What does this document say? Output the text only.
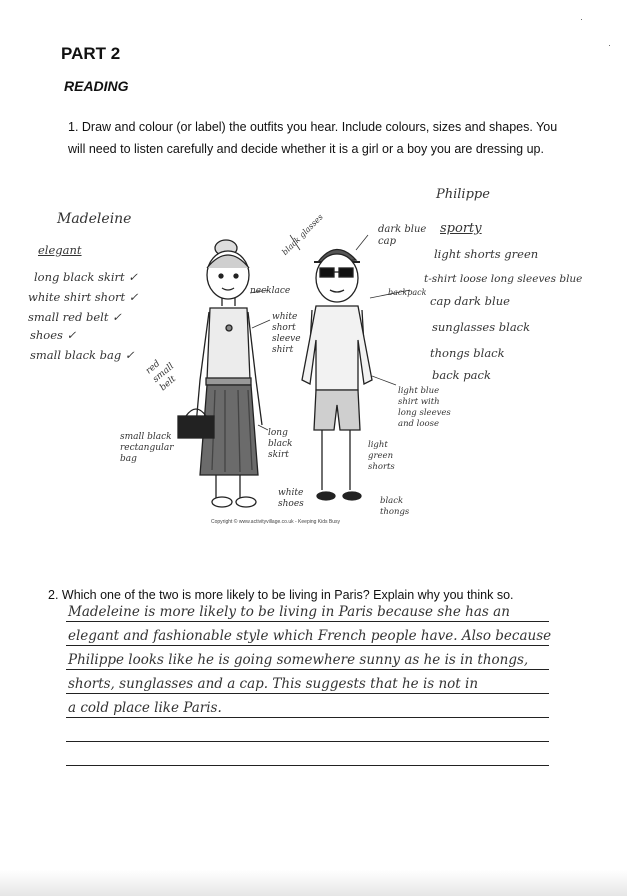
PART 2
READING
1. Draw and colour (or label) the outfits you hear. Include colours, sizes and shapes. You will need to listen carefully and decide whether it is a girl or a boy you are dressing up.
Madeleine
elegant
long black skirt ✓
white shirt short ✓
small red belt ✓
shoes ✓
small black bag ✓
necklace
white short sleeve shirt
long black skirt
white shoes
red small belt
small black rectangular bag
black glasses
Philippe
sporty
light shorts green
t-shirt loose long sleeves blue
cap dark blue
sunglasses black
thongs black
back pack
dark blue cap
backpack
light blue shirt with long sleeves and loose
light green shorts
black thongs
Copyright © www.activityvillage.co.uk - Keeping Kids Busy
2. Which one of the two is more likely to be living in Paris? Explain why you think so.
Madeleine is more likely to be living in Paris because she has an
elegant and fashionable style which French people have. Also because
Philippe looks like he is going somewhere sunny as he is in thongs,
shorts, sunglasses and a cap. This suggests that he is not in
a cold place like Paris.
·
·
